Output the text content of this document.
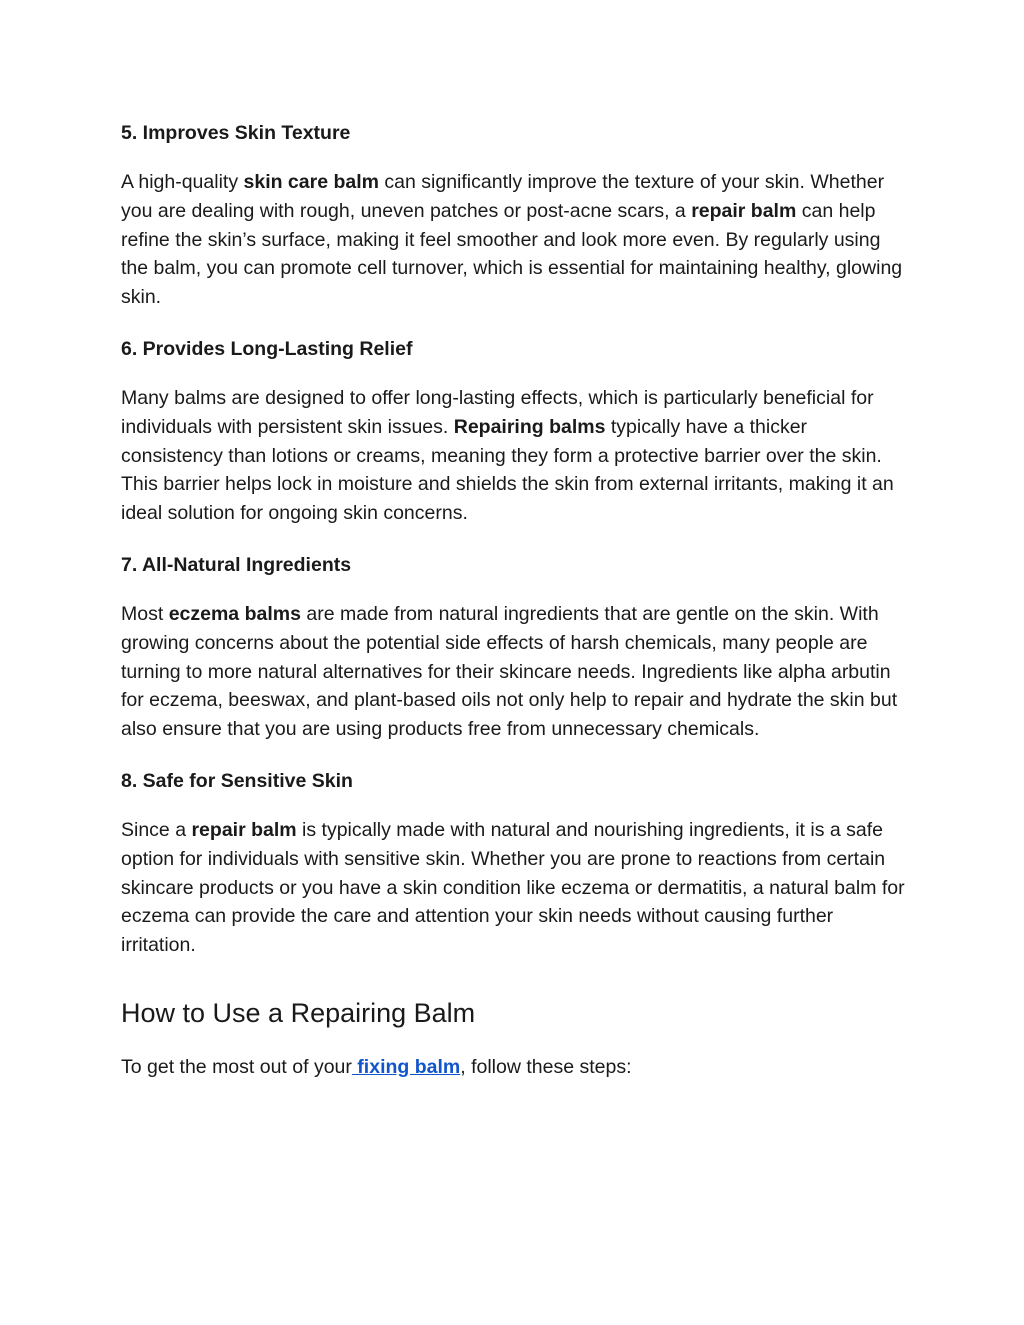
5. Improves Skin Texture

A high-quality skin care balm can significantly improve the texture of your skin. Whether you are dealing with rough, uneven patches or post-acne scars, a repair balm can help refine the skin’s surface, making it feel smoother and look more even. By regularly using the balm, you can promote cell turnover, which is essential for maintaining healthy, glowing skin.

6. Provides Long-Lasting Relief

Many balms are designed to offer long-lasting effects, which is particularly beneficial for individuals with persistent skin issues. Repairing balms typically have a thicker consistency than lotions or creams, meaning they form a protective barrier over the skin. This barrier helps lock in moisture and shields the skin from external irritants, making it an ideal solution for ongoing skin concerns.

7. All-Natural Ingredients

Most eczema balms are made from natural ingredients that are gentle on the skin. With growing concerns about the potential side effects of harsh chemicals, many people are turning to more natural alternatives for their skincare needs. Ingredients like alpha arbutin for eczema, beeswax, and plant-based oils not only help to repair and hydrate the skin but also ensure that you are using products free from unnecessary chemicals.

8. Safe for Sensitive Skin

Since a repair balm is typically made with natural and nourishing ingredients, it is a safe option for individuals with sensitive skin. Whether you are prone to reactions from certain skincare products or you have a skin condition like eczema or dermatitis, a natural balm for eczema can provide the care and attention your skin needs without causing further irritation.

How to Use a Repairing Balm

To get the most out of your fixing balm, follow these steps:
